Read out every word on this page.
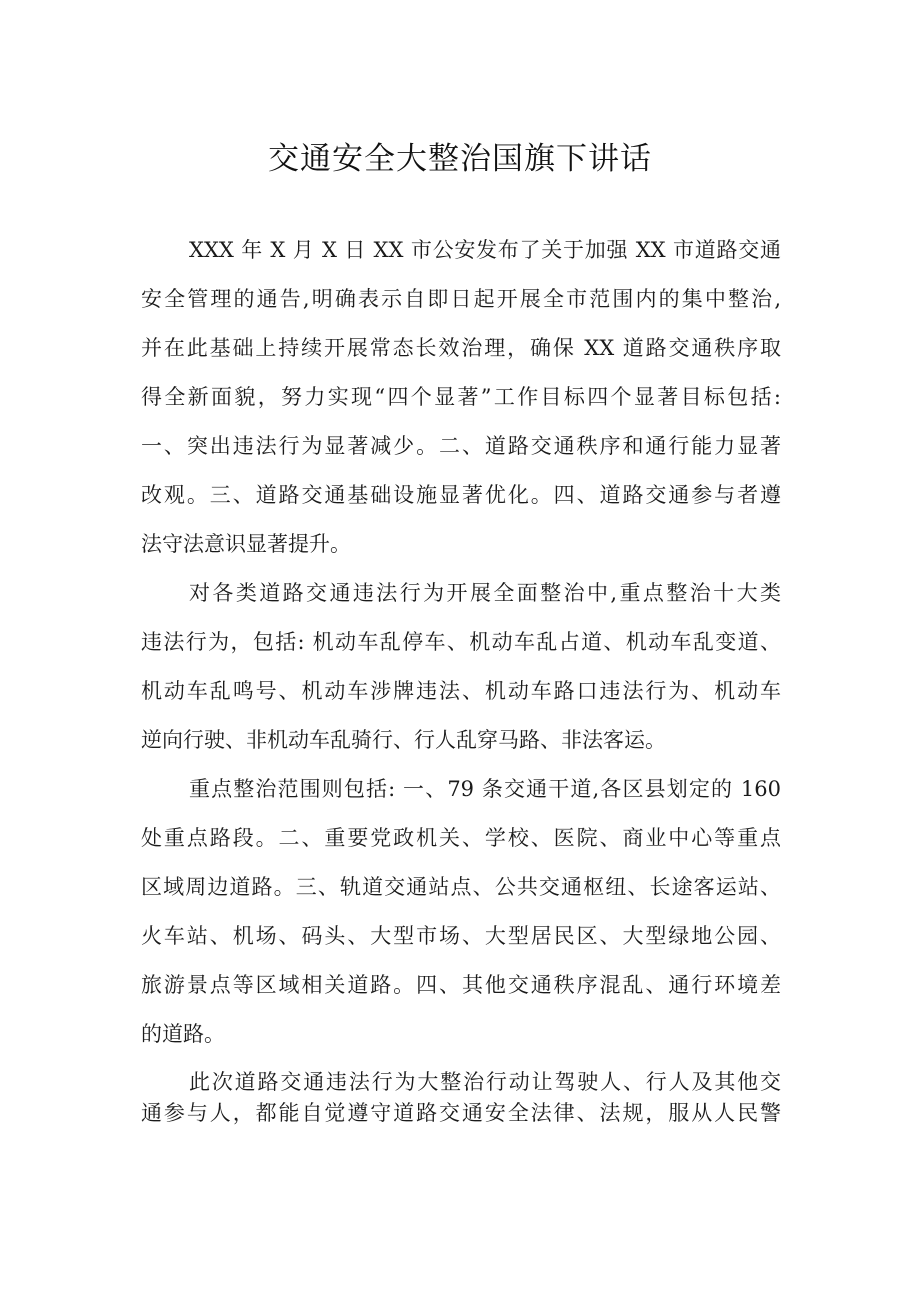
交通安全大整治国旗下讲话

XXX 年 X 月 X 日 XX 市公安发布了关于加强 XX 市道路交通

安全管理的通告,明确表示自即日起开展全市范围内的集中整治,

并在此基础上持续开展常态长效治理，确保 XX 道路交通秩序取

得全新面貌，努力实现“四个显著”工作目标四个显著目标包括:

一、突出违法行为显著减少。二、道路交通秩序和通行能力显著

改观。三、道路交通基础设施显著优化。四、道路交通参与者遵

法守法意识显著提升。

对各类道路交通违法行为开展全面整治中,重点整治十大类

违法行为，包括: 机动车乱停车、机动车乱占道、机动车乱变道、

机动车乱鸣号、机动车涉牌违法、机动车路口违法行为、机动车

逆向行驶、非机动车乱骑行、行人乱穿马路、非法客运。

重点整治范围则包括: 一、79 条交通干道,各区县划定的 160

处重点路段。二、重要党政机关、学校、医院、商业中心等重点

区域周边道路。三、轨道交通站点、公共交通枢纽、长途客运站、

火车站、机场、码头、大型市场、大型居民区、大型绿地公园、

旅游景点等区域相关道路。四、其他交通秩序混乱、通行环境差

的道路。

此次道路交通违法行为大整治行动让驾驶人、行人及其他交

通参与人，都能自觉遵守道路交通安全法律、法规，服从人民警
